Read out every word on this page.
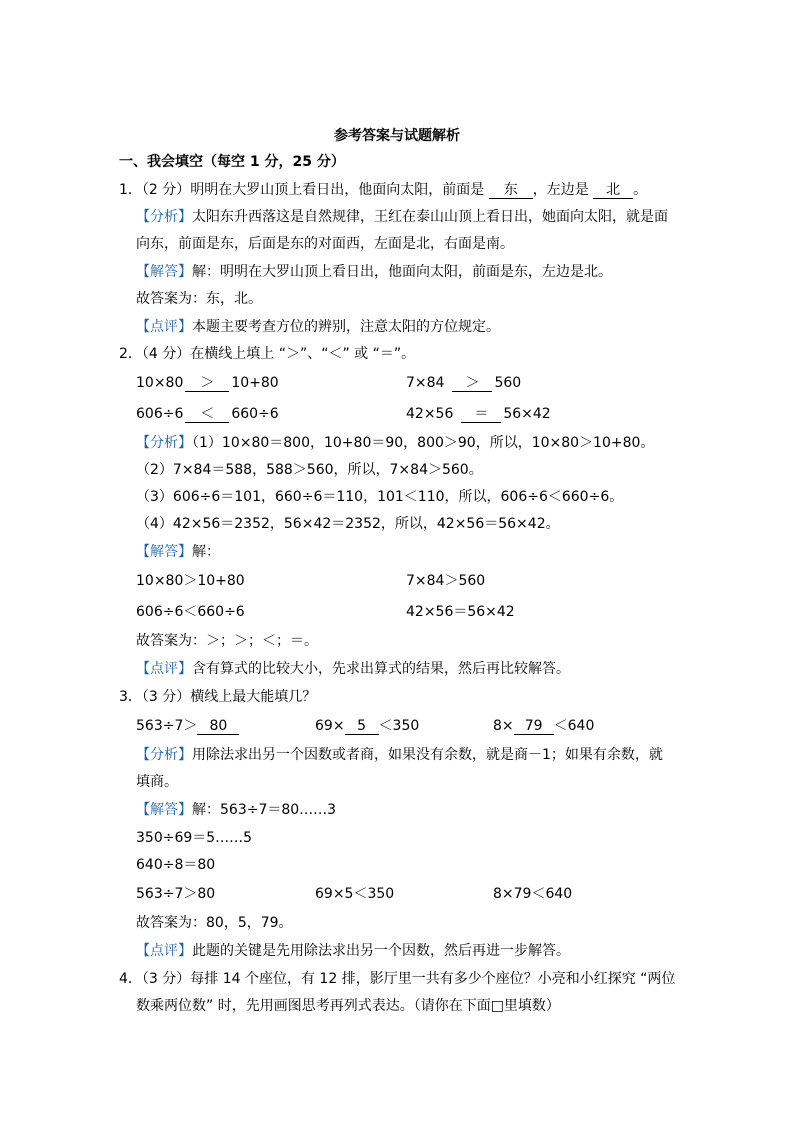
参考答案与试题解析
一、我会填空（每空 1 分，25 分）
1．（2 分）明明在大罗山顶上看日出，他面向太阳，前面是 东 ，左边是 北 。
【分析】太阳东升西落这是自然规律，王红在泰山山顶上看日出，她面向太阳，就是面
向东，前面是东，后面是东的对面西，左面是北，右面是南。
【解答】解：明明在大罗山顶上看日出，他面向太阳，前面是东，左边是北。
故答案为：东，北。
【点评】本题主要考查方位的辨别，注意太阳的方位规定。
2．（4 分）在横线上填上 “＞”、“＜” 或 “＝”。
10×80 ＞ 10+80	7×84 ＞ 560
606÷6 ＜ 660÷6	42×56 ＝ 56×42
【分析】（1）10×80＝800，10+80＝90，800＞90，所以，10×80＞10+80。
（2）7×84＝588，588＞560，所以，7×84＞560。
（3）606÷6＝101，660÷6＝110，101＜110，所以，606÷6＜660÷6。
（4）42×56＝2352，56×42＝2352，所以，42×56＝56×42。
【解答】解：
10×80＞10+80	7×84＞560
606÷6＜660÷6	42×56＝56×42
故答案为：＞；＞；＜；＝。
【点评】含有算式的比较大小，先求出算式的结果，然后再比较解答。
3．（3 分）横线上最大能填几？
563÷7＞ 80	69× 5 ＜350	8× 79 ＜640
【分析】用除法求出另一个因数或者商，如果没有余数，就是商－1；如果有余数，就
填商。
【解答】解：563÷7＝80……3
350÷69＝5……5
640÷8＝80
563÷7＞80	69×5＜350	8×79＜640
故答案为：80，5，79。
【点评】此题的关键是先用除法求出另一个因数，然后再进一步解答。
4．（3 分）每排 14 个座位，有 12 排，影厅里一共有多少个座位？小亮和小红探究 “两位
数乘两位数” 时，先用画图思考再列式表达。（请你在下面□里填数）
